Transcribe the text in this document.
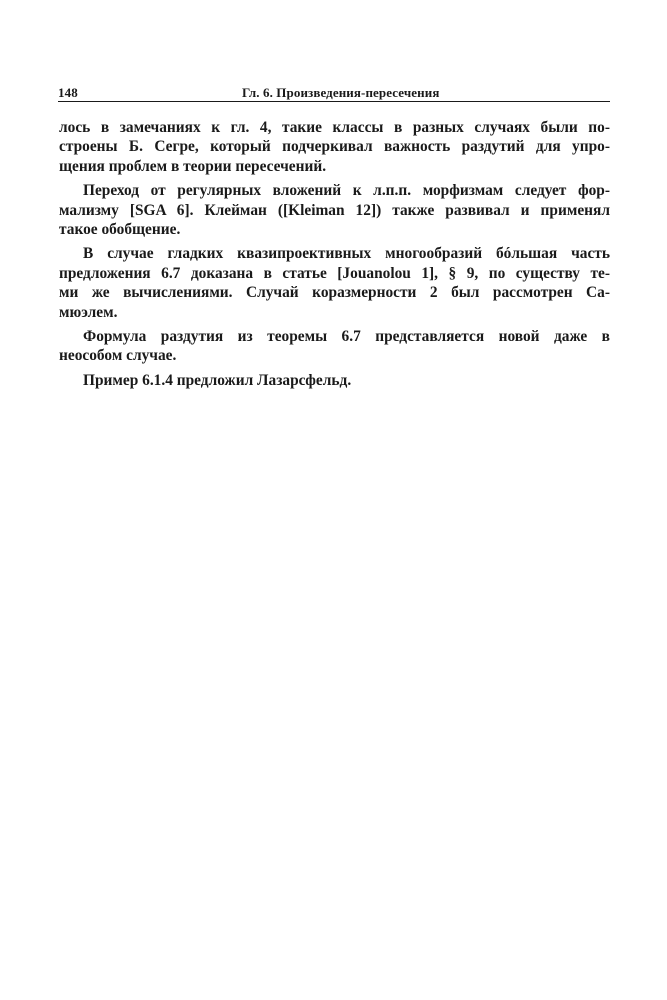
148	Гл. 6. Произведения-пересечения

лось в замечаниях к гл. 4, такие классы в разных случаях были по-
строены Б. Сегре, который подчеркивал важность раздутий для упро-
щения проблем в теории пересечений.

Переход от регулярных вложений к л.п.п. морфизмам следует фор-
мализму [SGA 6]. Клейман ([Kleiman 12]) также развивал и применял
такое обобщение.

В случае гладких квазипроективных многообразий бóльшая часть
предложения 6.7 доказана в статье [Jouanolou 1], § 9, по существу те-
ми же вычислениями. Случай коразмерности 2 был рассмотрен Са-
мюэлем.

Формула раздутия из теоремы 6.7 представляется новой даже в
неособом случае.

Пример 6.1.4 предложил Лазарсфельд.
